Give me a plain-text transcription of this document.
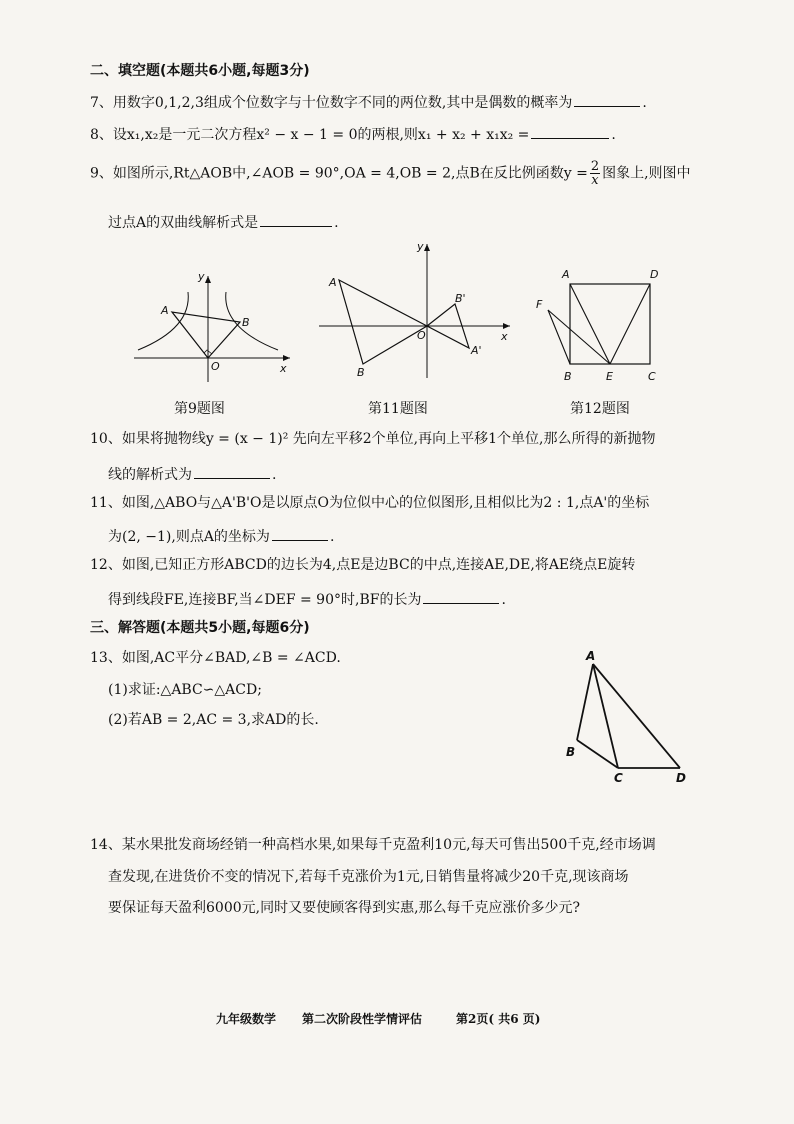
二、填空题(本题共6小题,每题3分)
7、用数字0,1,2,3组成个位数字与十位数字不同的两位数,其中是偶数的概率为	.
8、设x₁,x₂是一元二次方程x² − x − 1 = 0的两根,则x₁ + x₂ + x₁x₂ =	.
9、如图所示,Rt△AOB中,∠AOB = 90°,OA = 4,OB = 2,点B在反比例函数$y = \frac{2}{x}$ 图象上,则图中
过点A的双曲线解析式是	.
y
x
O
A
B
第9题图
y
x
O
A
B
B'
A'
第11题图
A	D
F
B	E	C
第12题图
10、如果将抛物线y = (x − 1)² 先向左平移2个单位,再向上平移1个单位,那么所得的新抛物
线的解析式为	.
11、如图,△ABO与△A'B'O是以原点O为位似中心的位似图形,且相似比为2 : 1,点A'的坐标
为(2, −1),则点A的坐标为	.
12、如图,已知正方形ABCD的边长为4,点E是边BC的中点,连接AE,DE,将AE绕点E旋转
得到线段FE,连接BF,当∠DEF = 90°时,BF的长为	.
三、解答题(本题共5小题,每题6分)
13、如图,AC平分∠BAD,∠B = ∠ACD.
(1)求证:△ABC∽△ACD;
(2)若AB = 2,AC = 3,求AD的长.
A
B
C	D
14、某水果批发商场经销一种高档水果,如果每千克盈利10元,每天可售出500千克,经市场调
查发现,在进货价不变的情况下,若每千克涨价为1元,日销售量将减少20千克,现该商场
要保证每天盈利6000元,同时又要使顾客得到实惠,那么每千克应涨价多少元?
九年级数学 第二次阶段性学情评估	第2页( 共6 页)
